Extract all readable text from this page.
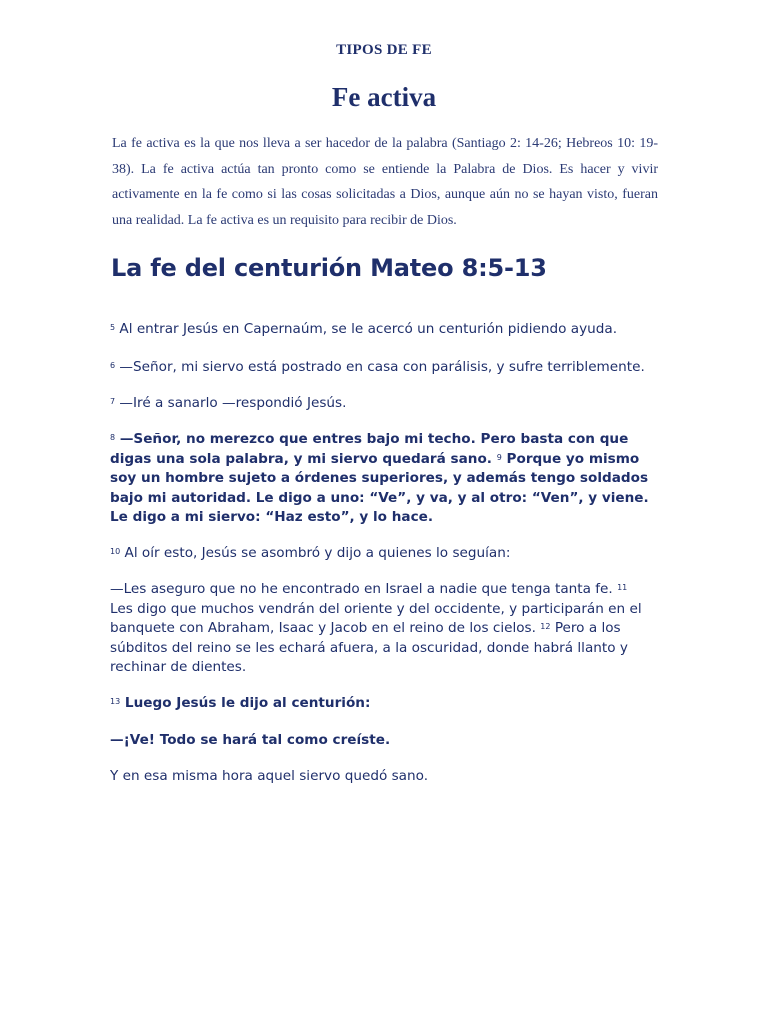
TIPOS DE FE
Fe activa

La fe activa es la que nos lleva a ser hacedor de la palabra (Santiago 2: 14-26; Hebreos 10: 19-38). La fe activa actúa tan pronto como se entiende la Palabra de Dios. Es hacer y vivir activamente en la fe como si las cosas solicitadas a Dios, aunque aún no se hayan visto, fueran una realidad. La fe activa es un requisito para recibir de Dios.

La fe del centurión Mateo 8:5-13

$^5$ Al entrar Jesús en Capernaúm, se le acercó un centurión pidiendo ayuda.

$^6$ —Señor, mi siervo está postrado en casa con parálisis, y sufre terriblemente.

$^7$ —Iré a sanarlo —respondió Jesús.

$^8$ —Señor, no merezco que entres bajo mi techo. Pero basta con que digas una sola palabra, y mi siervo quedará sano. $^9$ Porque yo mismo soy un hombre sujeto a órdenes superiores, y además tengo soldados bajo mi autoridad. Le digo a uno: “Ve”, y va, y al otro: “Ven”, y viene. Le digo a mi siervo: “Haz esto”, y lo hace.

$^{10}$ Al oír esto, Jesús se asombró y dijo a quienes lo seguían:

—Les aseguro que no he encontrado en Israel a nadie que tenga tanta fe. $^{11}$ Les digo que muchos vendrán del oriente y del occidente, y participarán en el banquete con Abraham, Isaac y Jacob en el reino de los cielos. $^{12}$ Pero a los súbditos del reino se les echará afuera, a la oscuridad, donde habrá llanto y rechinar de dientes.

$^{13}$ Luego Jesús le dijo al centurión:

—¡Ve! Todo se hará tal como creíste.

Y en esa misma hora aquel siervo quedó sano.
